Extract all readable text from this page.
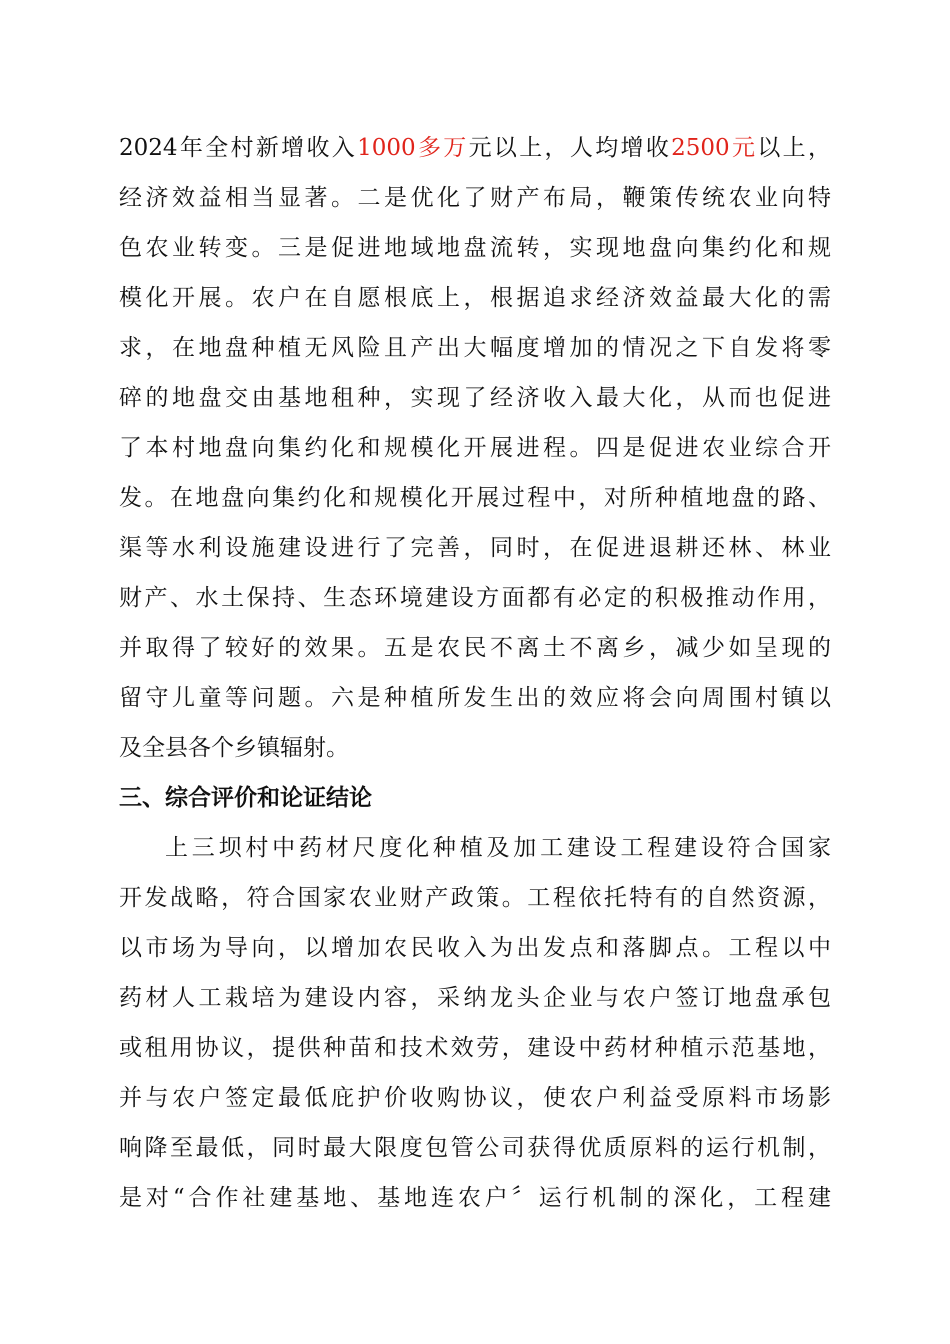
2024年全村新增收入1000多万元以上，人均增收2500元以上，
经济效益相当显著。二是优化了财产布局，鞭策传统农业向特
色农业转变。三是促进地域地盘流转，实现地盘向集约化和规
模化开展。农户在自愿根底上，根据追求经济效益最大化的需
求，在地盘种植无风险且产出大幅度增加的情况之下自发将零
碎的地盘交由基地租种，实现了经济收入最大化，从而也促进
了本村地盘向集约化和规模化开展进程。四是促进农业综合开
发。在地盘向集约化和规模化开展过程中，对所种植地盘的路、
渠等水利设施建设进行了完善，同时，在促进退耕还林、林业
财产、水土保持、生态环境建设方面都有必定的积极推动作用，
并取得了较好的效果。五是农民不离土不离乡，减少如呈现的
留守儿童等问题。六是种植所发生出的效应将会向周围村镇以
及全县各个乡镇辐射。
三、综合评价和论证结论
上三坝村中药材尺度化种植及加工建设工程建设符合国家
开发战略，符合国家农业财产政策。工程依托特有的自然资源，
以市场为导向，以增加农民收入为出发点和落脚点。工程以中
药材人工栽培为建设内容，采纳龙头企业与农户签订地盘承包
或租用协议，提供种苗和技术效劳，建设中药材种植示范基地，
并与农户签定最低庇护价收购协议，使农户利益受原料市场影
响降至最低，同时最大限度包管公司获得优质原料的运行机制，
是对“合作社建基地、基地连农户〞运行机制的深化，工程建
